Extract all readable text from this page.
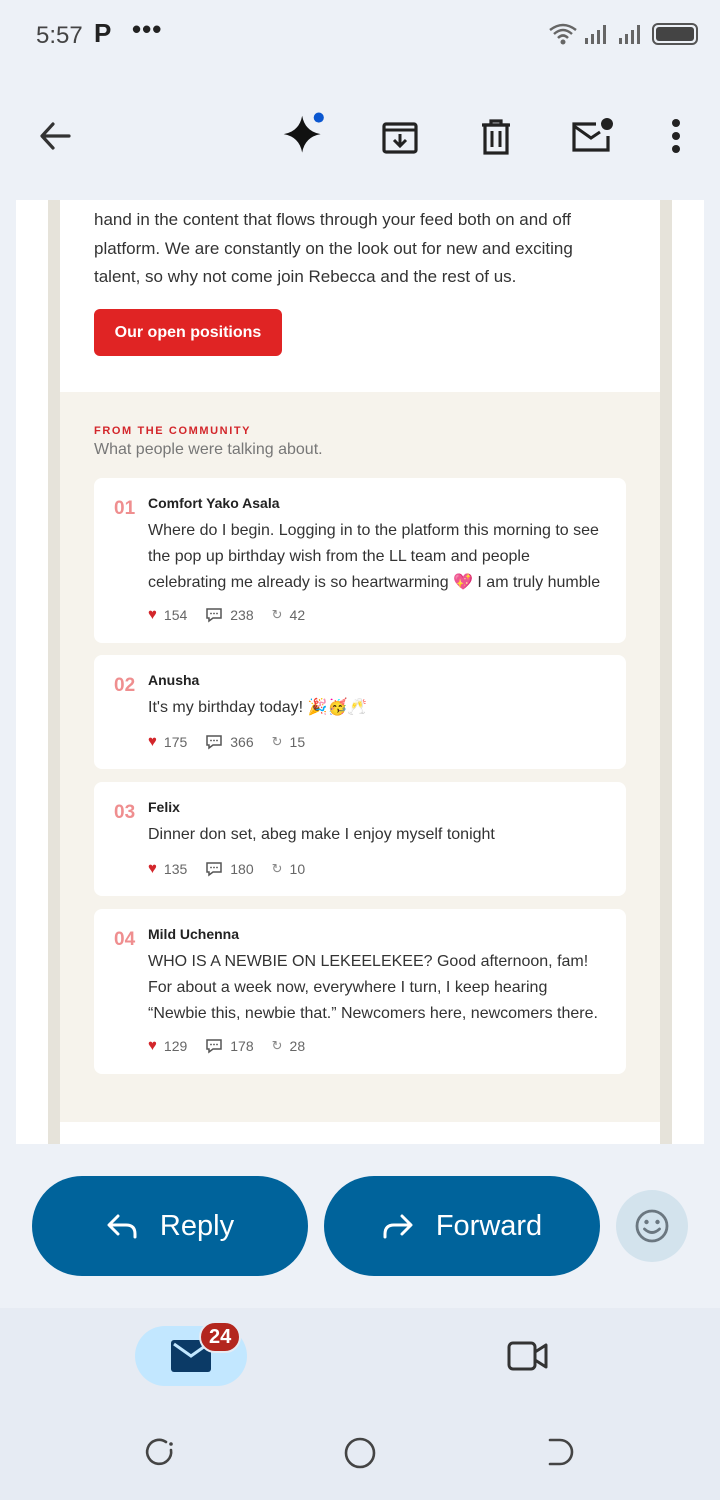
5:57 P •••
hand in the content that flows through your feed both on and off
platform. We are constantly on the look out for new and exciting
talent, so why not come join Rebecca and the rest of us.
Our open positions
FROM THE COMMUNITY
What people were talking about.
01 Comfort Yako Asala
Where do I begin. Logging in to the platform this morning to see the pop up birthday wish from the LL team and people celebrating me already is so heartwarming 💖 I am truly humble
♥ 154	238 ↻ 42
02 Anusha
It's my birthday today! 🎉🥳🥂
♥ 175	366 ↻ 15
03 Felix
Dinner don set, abeg make I enjoy myself tonight
♥ 135	180 ↻ 10
04 Mild Uchenna
WHO IS A NEWBIE ON LEKEELEKEE? Good afternoon, fam! For about a week now, everywhere I turn, I keep hearing “Newbie this, newbie that.” Newcomers here, newcomers there.
♥ 129	178 ↻ 28
Reply	Forward
24
